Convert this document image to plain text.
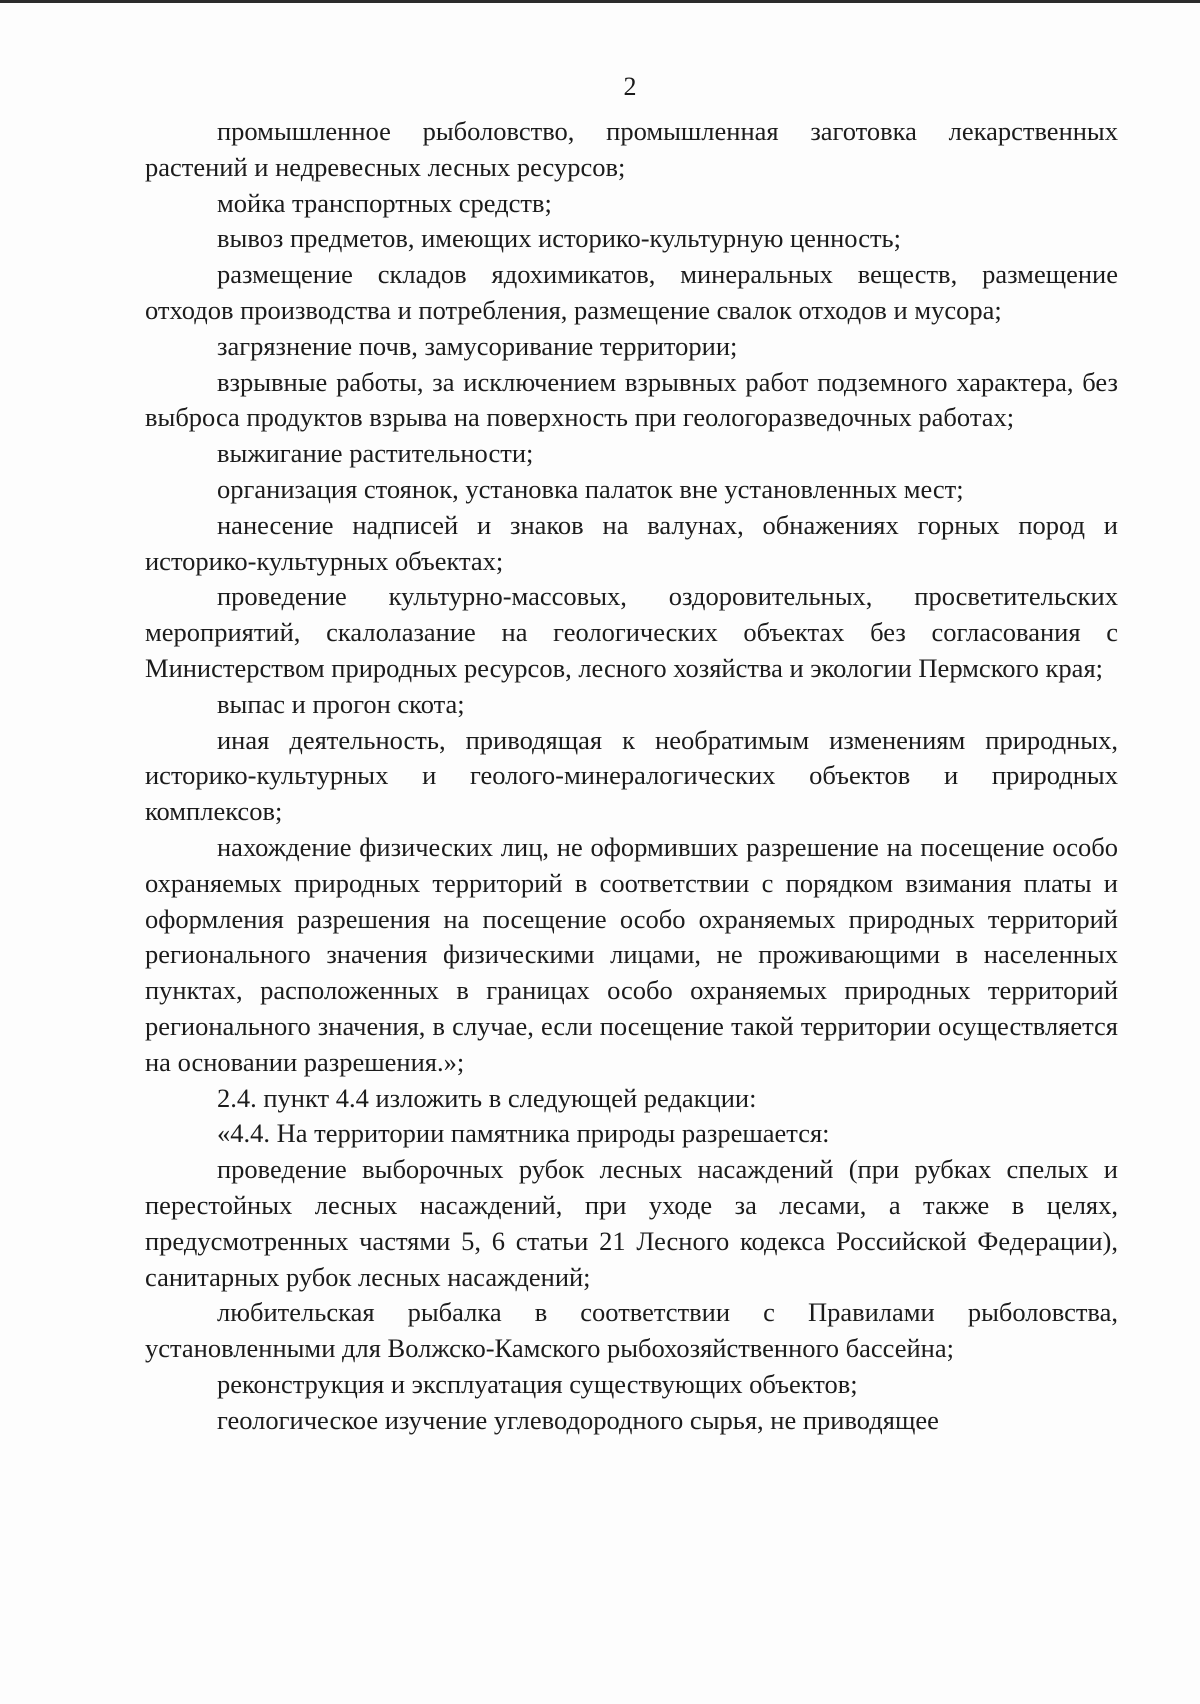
2

промышленное рыболовство, промышленная заготовка лекарственных растений и недревесных лесных ресурсов;

мойка транспортных средств;

вывоз предметов, имеющих историко-культурную ценность;

размещение складов ядохимикатов, минеральных веществ, размещение отходов производства и потребления, размещение свалок отходов и мусора;

загрязнение почв, замусоривание территории;

взрывные работы, за исключением взрывных работ подземного характера, без выброса продуктов взрыва на поверхность при геологоразведочных работах;

выжигание растительности;

организация стоянок, установка палаток вне установленных мест;

нанесение надписей и знаков на валунах, обнажениях горных пород и историко-культурных объектах;

проведение культурно-массовых, оздоровительных, просветительских мероприятий, скалолазание на геологических объектах без согласования с Министерством природных ресурсов, лесного хозяйства и экологии Пермского края;

выпас и прогон скота;

иная деятельность, приводящая к необратимым изменениям природных, историко-культурных и геолого-минералогических объектов и природных комплексов;

нахождение физических лиц, не оформивших разрешение на посещение особо охраняемых природных территорий в соответствии с порядком взимания платы и оформления разрешения на посещение особо охраняемых природных территорий регионального значения физическими лицами, не проживающими в населенных пунктах, расположенных в границах особо охраняемых природных территорий регионального значения, в случае, если посещение такой территории осуществляется на основании разрешения.»;

2.4. пункт 4.4 изложить в следующей редакции:

«4.4. На территории памятника природы разрешается:

проведение выборочных рубок лесных насаждений (при рубках спелых и перестойных лесных насаждений, при уходе за лесами, а также в целях, предусмотренных частями 5, 6 статьи 21 Лесного кодекса Российской Федерации), санитарных рубок лесных насаждений;

любительская рыбалка в соответствии с Правилами рыболовства, установленными для Волжско-Камского рыбохозяйственного бассейна;

реконструкция и эксплуатация существующих объектов;

геологическое изучение углеводородного сырья, не приводящее
